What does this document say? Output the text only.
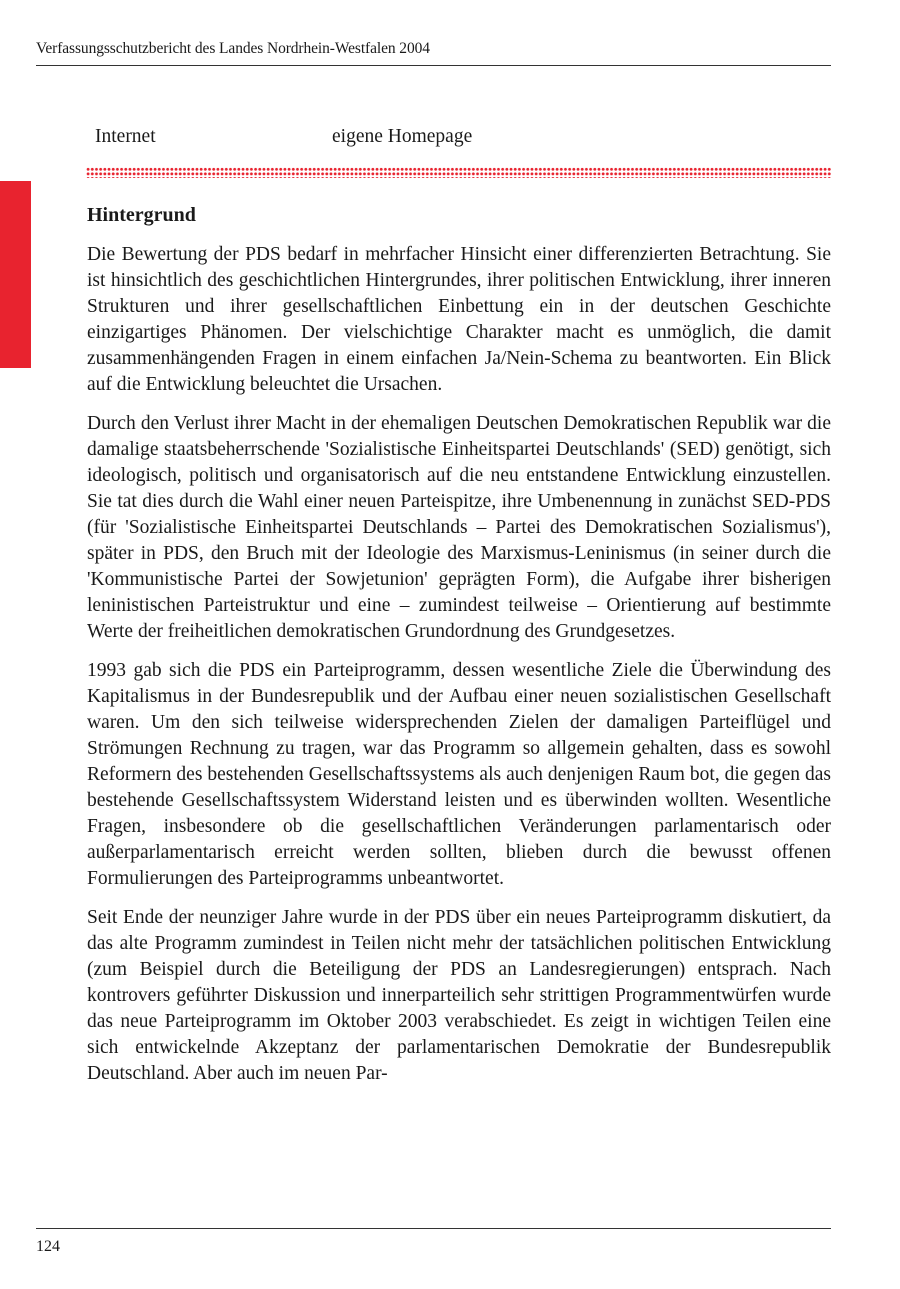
Verfassungsschutzbericht des Landes Nordrhein-Westfalen 2004
Internet	eigene Homepage
Hintergrund

Die Bewertung der PDS bedarf in mehrfacher Hinsicht einer differenzierten Betrachtung. Sie ist hinsichtlich des geschichtlichen Hintergrundes, ihrer politischen Entwicklung, ihrer inneren Strukturen und ihrer gesellschaftlichen Einbettung ein in der deutschen Geschichte einzigartiges Phänomen. Der vielschichtige Charakter macht es unmöglich, die damit zusammenhängenden Fragen in einem einfachen Ja/Nein-Schema zu beantworten. Ein Blick auf die Entwicklung beleuchtet die Ursachen.

Durch den Verlust ihrer Macht in der ehemaligen Deutschen Demokratischen Republik war die damalige staatsbeherrschende 'Sozialistische Einheitspartei Deutschlands' (SED) genötigt, sich ideologisch, politisch und organisatorisch auf die neu entstandene Entwicklung einzustellen. Sie tat dies durch die Wahl einer neuen Parteispitze, ihre Umbenennung in zunächst SED-PDS (für 'Sozialistische Einheitspartei Deutschlands – Partei des Demokratischen Sozialismus'), später in PDS, den Bruch mit der Ideologie des Marxismus-Leninismus (in seiner durch die 'Kommunistische Partei der Sowjetunion' geprägten Form), die Aufgabe ihrer bisherigen leninistischen Parteistruktur und eine – zumindest teilweise – Orientierung auf bestimmte Werte der freiheitlichen demokratischen Grundordnung des Grundgesetzes.

1993 gab sich die PDS ein Parteiprogramm, dessen wesentliche Ziele die Überwindung des Kapitalismus in der Bundesrepublik und der Aufbau einer neuen sozialistischen Gesellschaft waren. Um den sich teilweise widersprechenden Zielen der damaligen Parteiflügel und Strömungen Rechnung zu tragen, war das Programm so allgemein gehalten, dass es sowohl Reformern des bestehenden Gesellschaftssystems als auch denjenigen Raum bot, die gegen das bestehende Gesellschaftssystem Widerstand leisten und es überwinden wollten. Wesentliche Fragen, insbesondere ob die gesellschaftlichen Veränderungen parlamentarisch oder außerparlamentarisch erreicht werden sollten, blieben durch die bewusst offenen Formulierungen des Parteiprogramms unbeantwortet.

Seit Ende der neunziger Jahre wurde in der PDS über ein neues Parteiprogramm diskutiert, da das alte Programm zumindest in Teilen nicht mehr der tatsächlichen politischen Entwicklung (zum Beispiel durch die Beteiligung der PDS an Landesregierungen) entsprach. Nach kontrovers geführter Diskussion und innerparteilich sehr strittigen Programmentwürfen wurde das neue Parteiprogramm im Oktober 2003 verabschiedet. Es zeigt in wichtigen Teilen eine sich entwickelnde Akzeptanz der parlamentarischen Demokratie der Bundesrepublik Deutschland. Aber auch im neuen Par-

124
